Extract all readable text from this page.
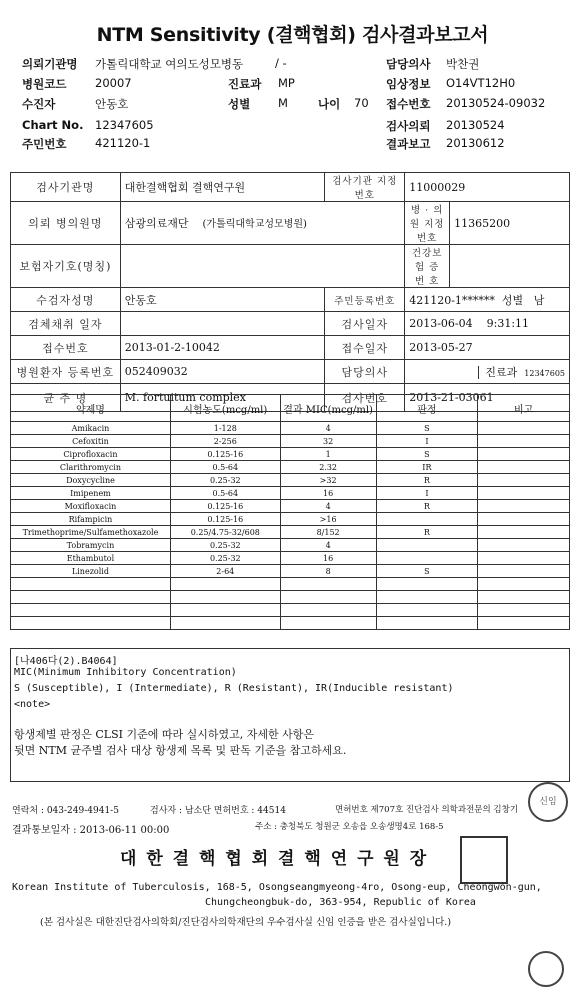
NTM Sensitivity (결핵협회) 검사결과보고서
의뢰기관명 가톨릭대학교 여의도성모병동	/ -	담당의사 박찬권
병원코드 20007	진료과 MP	임상정보 O14VT12H0
수진자	안동호	성별 M	나이 70 접수번호 20130524-09032
Chart No. 12347605	검사의뢰 20130524
주민번호 421120-1	결과보고 20130612
검사기관명	대한결핵협회 결핵연구원	검사기관 지정번호	11000029	
의뢰 병의원명	삼광의료재단 (가톨릭대학교성모병원)		병 · 의원 지정번호	11365200
보험자기호(명칭)			건강보험 증 번 호	
수검자성명	안동호	주민등록번호	421120-1****** 성별 남	
검체채취 일자		검사일자	2013-06-04 9:31:11	
접수번호	2013-01-2-10042	접수일자	2013-05-27	
병원환자 등록번호	052409032	담당의사	진료과 12347605	
균 주 명	M. fortuitum complex	검사번호	2013-21-03061	
약제명	시험농도(mcg/ml)	결과 MIC(mcg/ml)	판정	비고
Amikacin	1-128	4	S	
Cefoxitin	2-256	32	I	
Ciprofloxacin	0.125-16	1	S	
Clarithromycin	0.5-64	2.32	IR	
Doxycycline	0.25-32	>32	R	
Imipenem	0.5-64	16	I	
Moxifloxacin	0.125-16	4	R	
Rifampicin	0.125-16	>16		
Trimethoprime/Sulfamethoxazole	0.25/4.75-32/608	8/152	R	
Tobramycin	0.25-32	4		
Ethambutol	0.25-32	16		
Linezolid	2-64	8	S	

[나406다(2).B4064]
MIC(Minimum Inhibitory Concentration)
S (Susceptible), I (Intermediate), R (Resistant), IR(Inducible resistant)
<note>
항생제별 판정은 CLSI 기준에 따라 실시하였고, 자세한 사항은
뒷면 NTM 균주별 검사 대상 항생제 목록 및 판독 기준을 참고하세요.
연락처 : 043-249-4941-5	검사자 : 남소단 면허번호 : 44514	면허번호 제707호 진단검사 의학과전문의 김창기
결과통보일자 : 2013-06-11 00:00	주소 : 충청북도 청원군 오송읍 오송생명4로 168-5
대 한 결 핵 협 회 결 핵 연 구 원 장
Korean Institute of Tuberculosis, 168-5, Osongseangmyeong-4ro, Osong-eup, Cheongwon-gun,
Chungcheongbuk-do, 363-954, Republic of Korea
(본 검사실은 대한진단검사의학회/진단검사의학재단의 우수검사실 신임 인증을 받은 검사실입니다.)
신임
